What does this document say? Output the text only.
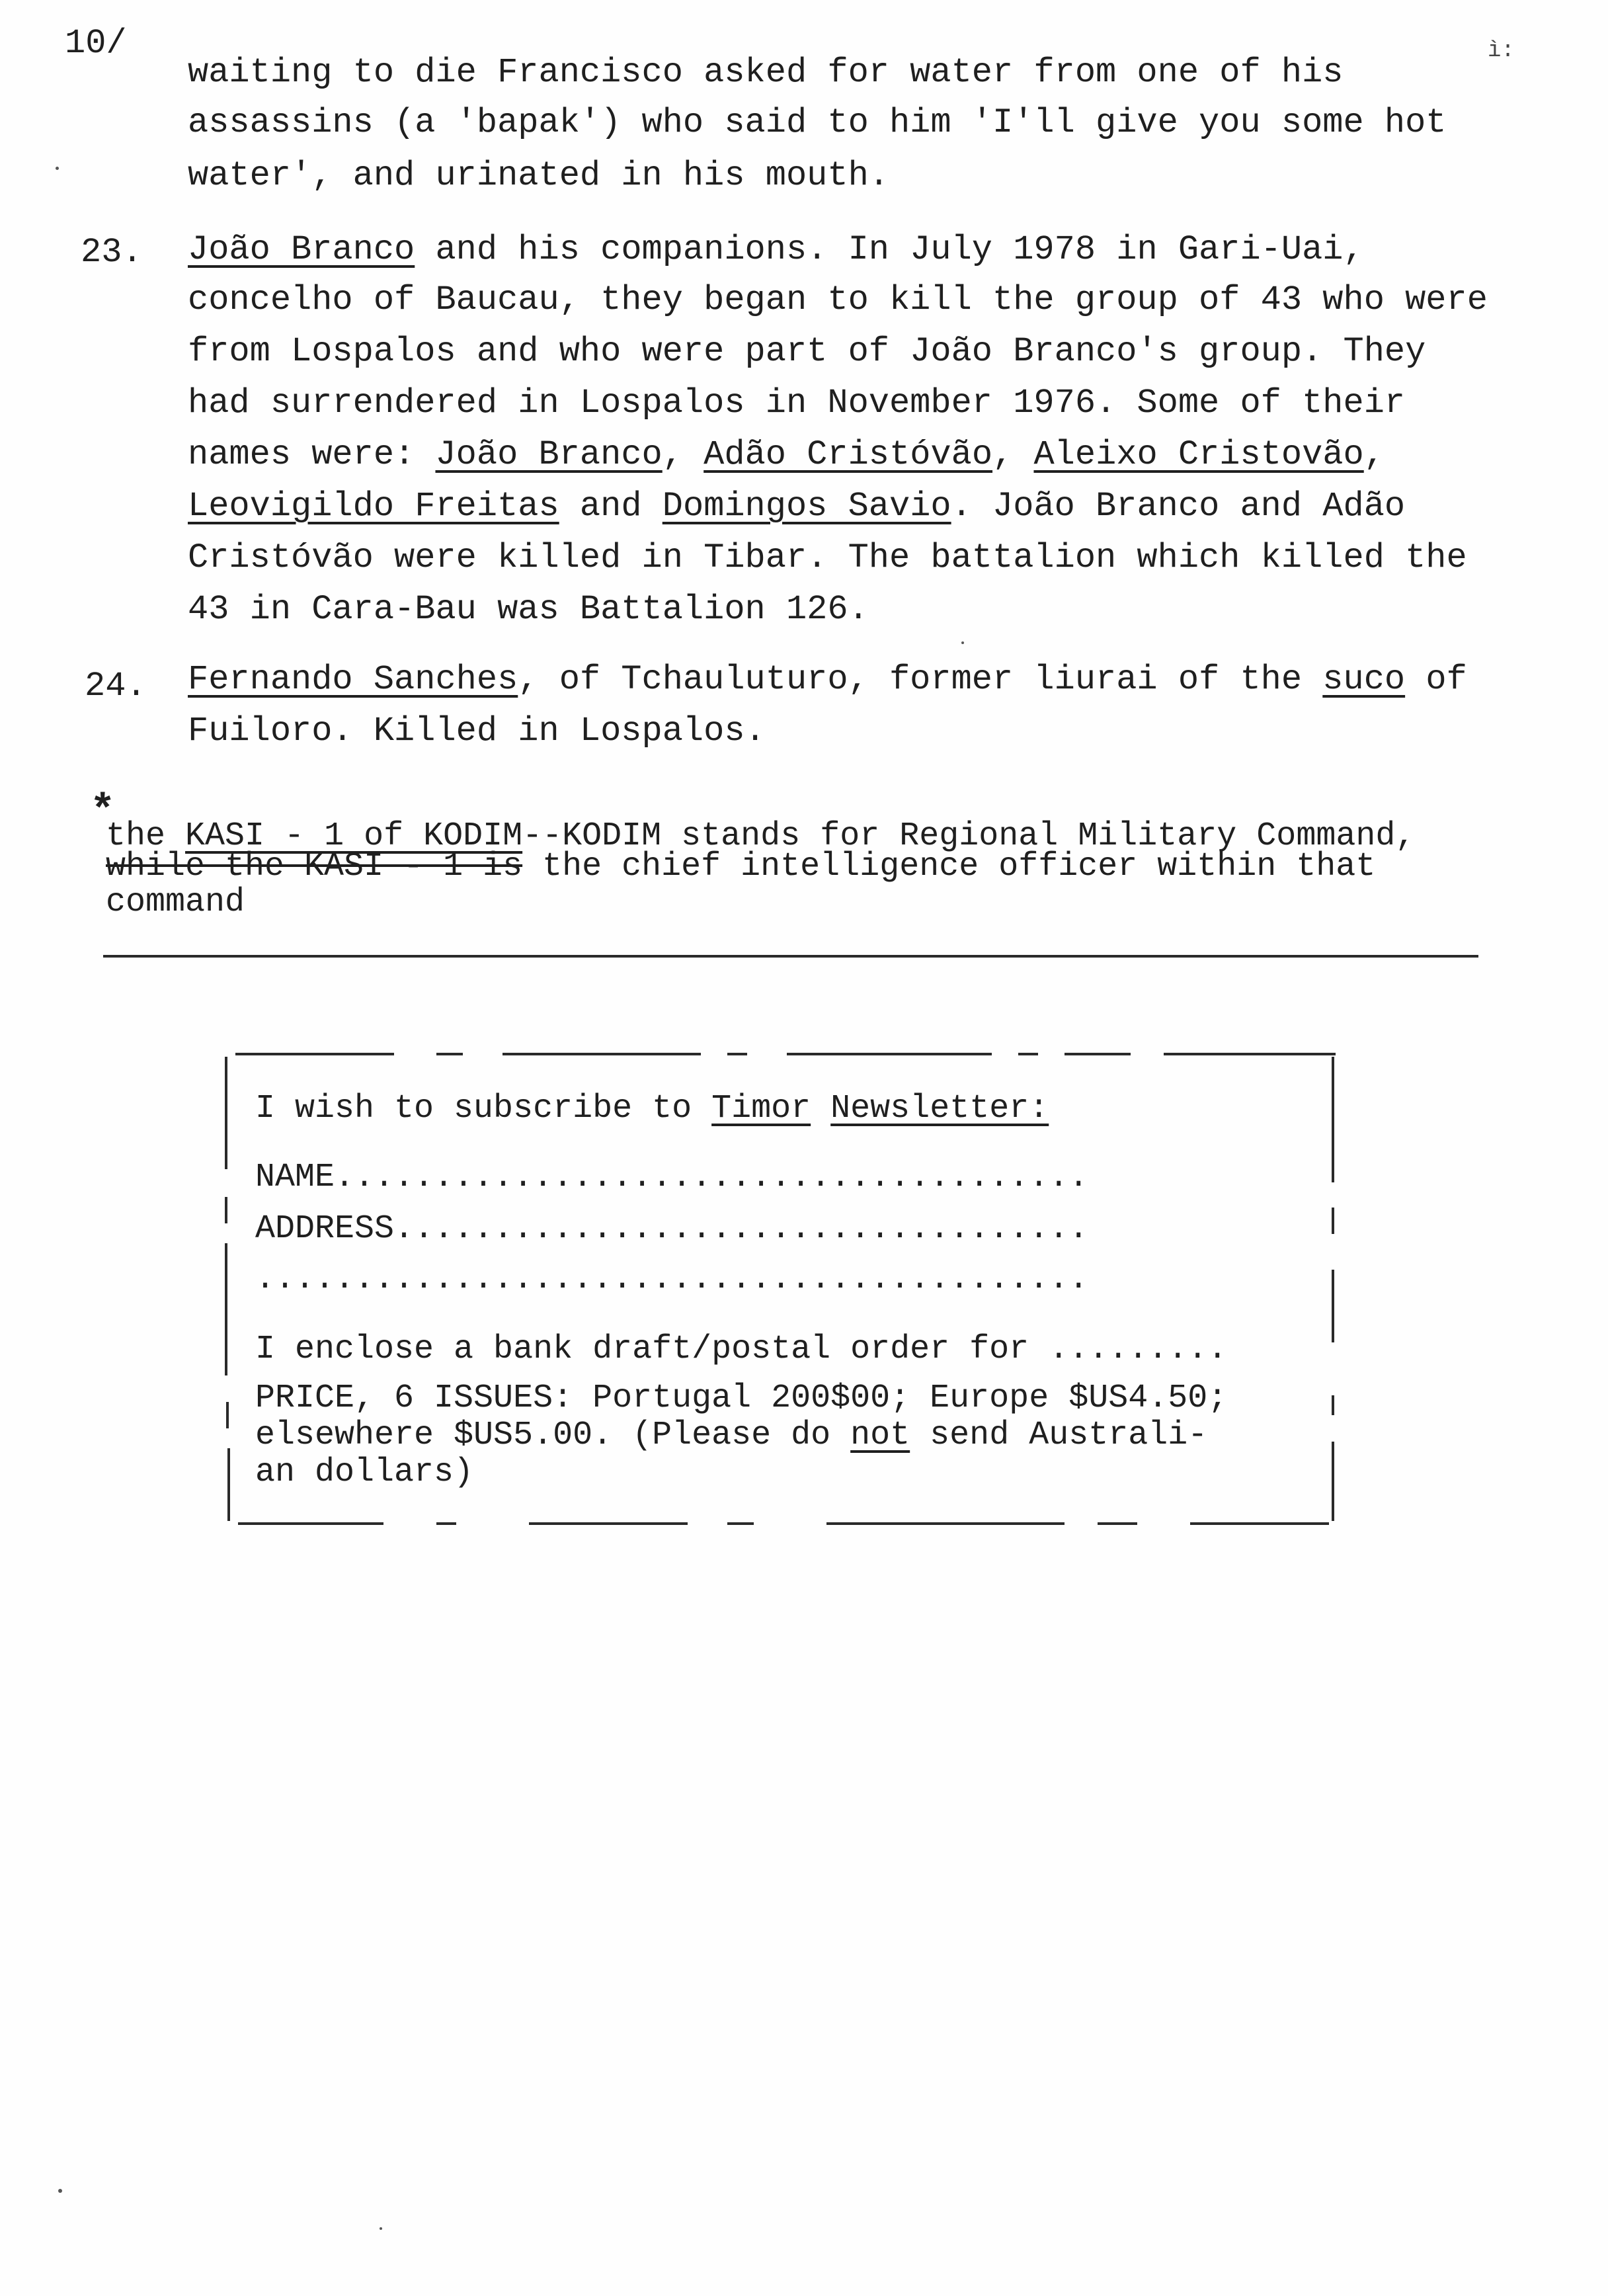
10/	ì:
waiting to die Francisco asked for water from one of his
assassins (a 'bapak') who said to him 'I'll give you some hot
water', and urinated in his mouth.
23. João Branco and his companions. In July 1978 in Gari-Uai,
concelho of Baucau, they began to kill the group of 43 who were
from Lospalos and who were part of João Branco's group. They
had surrendered in Lospalos in November 1976. Some of their
names were: João Branco, Adão Cristóvão, Aleixo Cristovão,
Leovigildo Freitas and Domingos Savio. João Branco and Adão
Cristóvão were killed in Tibar. The battalion which killed the
43 in Cara-Bau was Battalion 126.
24. Fernando Sanches, of Tchauluturo, former liurai of the suco of
Fuiloro. Killed in Lospalos.
*
the KASI - 1 of KODIM--KODIM stands for Regional Military Command,
while the KASI - 1 is the chief intelligence officer within that
command
I wish to subscribe to Timor Newsletter:
NAME......................................
ADDRESS...................................
..........................................
I enclose a bank draft/postal order for .........
PRICE, 6 ISSUES: Portugal 200$00; Europe $US4.50;
elsewhere $US5.00. (Please do not send Australi-
an dollars)
